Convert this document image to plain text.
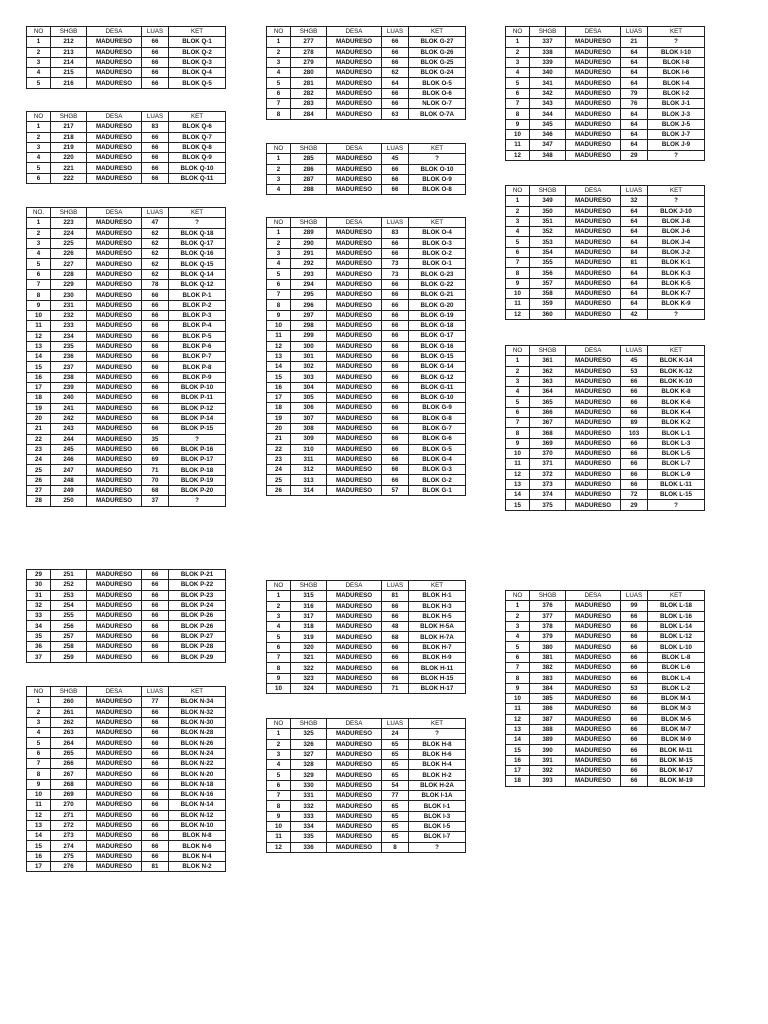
NO	SHGB	DESA	LUAS	KET
1	212	MADURESO	66	BLOK Q-1
2	213	MADURESO	66	BLOK Q-2
3	214	MADURESO	66	BLOK Q-3
4	215	MADURESO	66	BLOK Q-4
5	216	MADURESO	66	BLOK Q-5
NO	SHGB	DESA	LUAS	KET
1	217	MADURESO	83	BLOK Q-6
2	218	MADURESO	66	BLOK Q-7
3	219	MADURESO	66	BLOK Q-8
4	220	MADURESO	66	BLOK Q-9
5	221	MADURESO	66	BLOK Q-10
6	222	MADURESO	66	BLOK Q-11
NO.	SHGB	DESA	LUAS	KET
1	223	MADURESO	47	?
2	224	MADURESO	62	BLOK Q-18
3	225	MADURESO	62	BLOK Q-17
4	226	MADURESO	62	BLOK Q-16
5	227	MADURESO	62	BLOK Q-15
6	228	MADURESO	62	BLOK Q-14
7	229	MADURESO	78	BLOK Q-12
8	230	MADURESO	66	BLOK P-1
9	231	MADURESO	66	BLOK P-2
10	232	MADURESO	66	BLOK P-3
11	233	MADURESO	66	BLOK P-4
12	234	MADURESO	66	BLOK P-5
13	235	MADURESO	66	BLOK P-6
14	236	MADURESO	66	BLOK P-7
15	237	MADURESO	66	BLOK P-8
16	238	MADURESO	66	BLOK P-9
17	239	MADURESO	66	BLOK P-10
18	240	MADURESO	66	BLOK P-11
19	241	MADURESO	66	BLOK P-12
20	242	MADURESO	66	BLOK P-14
21	243	MADURESO	66	BLOK P-15
22	244	MADURESO	35	?
23	245	MADURESO	66	BLOK P-16
24	246	MADURESO	69	BLOK P-17
25	247	MADURESO	71	BLOK P-18
26	248	MADURESO	70	BLOK P-19
27	249	MADURESO	68	BLOK P-20
28	250	MADURESO	37	?
29	251	MADURESO	66	BLOK P-21
30	252	MADURESO	66	BLOK P-22
31	253	MADURESO	66	BLOK P-23
32	254	MADURESO	66	BLOK P-24
33	255	MADURESO	66	BLOK P-26
34	256	MADURESO	66	BLOK P-26
35	257	MADURESO	66	BLOK P-27
36	258	MADURESO	66	BLOK P-28
37	259	MADURESO	66	BLOK P-29
NO	SHGB	DESA	LUAS	KET
1	260	MADURESO	77	BLOK N-34
2	261	MADURESO	66	BLOK N-32
3	262	MADURESO	66	BLOK N-30
4	263	MADURESO	66	BLOK N-28
5	264	MADURESO	66	BLOK N-26
6	265	MADURESO	66	BLOK N-24
7	266	MADURESO	66	BLOK N-22
8	267	MADURESO	66	BLOK N-20
9	268	MADURESO	66	BLOK N-18
10	269	MADURESO	66	BLOK N-16
11	270	MADURESO	66	BLOK N-14
12	271	MADURESO	66	BLOK N-12
13	272	MADURESO	66	BLOK N-10
14	273	MADURESO	66	BLOK N-8
15	274	MADURESO	66	BLOK N-6
16	275	MADURESO	66	BLOK N-4
17	276	MADURESO	81	BLOK N-2
NO	SHGB	DESA	LUAS	KET
1	277	MADURESO	66	BLOK G-27
2	278	MADURESO	66	BLOK G-26
3	279	MADURESO	66	BLOK G-25
4	280	MADURESO	62	BLOK G-24
5	281	MADURESO	64	BLOK O-5
6	282	MADURESO	66	BLOK O-6
7	283	MADURESO	66	NLOK O-7
8	284	MADURESO	63	BLOK O-7A
NO	SHGB	DESA	LUAS	KET
1	285	MADURESO	45	?
2	286	MADURESO	66	BLOK O-10
3	287	MADURESO	66	BLOK O-9
4	288	MADURESO	66	BLOK O-8
NO	SHGB	DESA	LUAS	KET
1	289	MADURESO	83	BLOK O-4
2	290	MADURESO	66	BLOK O-3
3	291	MADURESO	66	BLOK O-2
4	292	MADURESO	73	BLOK O-1
5	293	MADURESO	73	BLOK G-23
6	294	MADURESO	66	BLOK G-22
7	295	MADURESO	66	BLOK G-21
8	296	MADURESO	66	BLOK G-20
9	297	MADURESO	66	BLOK G-19
10	298	MADURESO	66	BLOK G-18
11	299	MADURESO	66	BLOK G-17
12	300	MADURESO	66	BLOK G-16
13	301	MADURESO	66	BLOK G-15
14	302	MADURESO	66	BLOK G-14
15	303	MADURESO	66	BLOK G-12
16	304	MADURESO	66	BLOK G-11
17	305	MADURESO	66	BLOK G-10
18	306	MADURESO	66	BLOK G-9
19	307	MADURESO	66	BLOK G-8
20	308	MADURESO	66	BLOK G-7
21	309	MADURESO	66	BLOK G-6
22	310	MADURESO	66	BLOK G-5
23	311	MADURESO	66	BLOK G-4
24	312	MADURESO	66	BLOK G-3
25	313	MADURESO	66	BLOK G-2
26	314	MADURESO	57	BLOK G-1
NO	SHGB	DESA	LUAS	KET
1	315	MADURESO	81	BLOK H-1
2	316	MADURESO	66	BLOK H-3
3	317	MADURESO	66	BLOK H-5
4	318	MADURESO	48	BLOK H-5A
5	319	MADURESO	68	BLOK H-7A
6	320	MADURESO	66	BLOK H-7
7	321	MADURESO	66	BLOK H-9
8	322	MADURESO	66	BLOK H-11
9	323	MADURESO	66	BLOK H-15
10	324	MADURESO	71	BLOK H-17
NO	SHGB	DESA	LUAS	KET
1	325	MADURESO	24	?
2	326	MADURESO	65	BLOK H-8
3	327	MADURESO	65	BLOK H-6
4	328	MADURESO	65	BLOK H-4
5	329	MADURESO	65	BLOK H-2
6	330	MADURESO	54	BLOK H-2A
7	331	MADURESO	77	BLOK I-1A
8	332	MADURESO	65	BLOK I-1
9	333	MADURESO	65	BLOK I-3
10	334	MADURESO	65	BLOK I-5
11	335	MADURESO	65	BLOK I-7
12	336	MADURESO	8	?
NO	SHGB	DESA	LUAS	KET
1	337	MADURESO	21	?
2	338	MADURESO	64	BLOK I-10
3	339	MADURESO	64	BLOK I-8
4	340	MADURESO	64	BLOK I-6
5	341	MADURESO	64	BLOK I-4
6	342	MADURESO	79	BLOK I-2
7	343	MADURESO	76	BLOK J-1
8	344	MADURESO	64	BLOK J-3
9	345	MADURESO	64	BLOK J-5
10	346	MADURESO	64	BLOK J-7
11	347	MADURESO	64	BLOK J-9
12	348	MADURESO	29	?
NO	SHGB	DESA	LUAS	KET
1	349	MADURESO	32	?
2	350	MADURESO	64	BLOK J-10
3	351	MADURESO	64	BLOK J-8
4	352	MADURESO	64	BLOK J-6
5	353	MADURESO	64	BLOK J-4
6	354	MADURESO	84	BLOK J-2
7	355	MADURESO	81	BLOK K-1
8	356	MADURESO	64	BLOK K-3
9	357	MADURESO	64	BLOK K-5
10	358	MADURESO	64	BLOK K-7
11	359	MADURESO	64	BLOK K-9
12	360	MADURESO	42	?
NO	SHGB	DESA	LUAS	KET
1	361	MADURESO	45	BLOK K-14
2	362	MADURESO	53	BLOK K-12
3	363	MADURESO	66	BLOK K-10
4	364	MADURESO	66	BLOK K-8
5	365	MADURESO	66	BLOK K-6
6	366	MADURESO	66	BLOK K-4
7	367	MADURESO	89	BLOK K-2
8	368	MADURESO	103	BLOK L-1
9	369	MADURESO	66	BLOK L-3
10	370	MADURESO	66	BLOK L-5
11	371	MADURESO	66	BLOK L-7
12	372	MADURESO	66	BLOK L-9
13	373	MADURESO	66	BLOK L-11
14	374	MADURESO	72	BLOK L-15
15	375	MADURESO	29	?
NO	SHGB	DESA	LUAS	KET
1	376	MADURESO	99	BLOK L-18
2	377	MADURESO	66	BLOK L-16
3	378	MADURESO	66	BLOK L-14
4	379	MADURESO	66	BLOK L-12
5	380	MADURESO	66	BLOK L-10
6	381	MADURESO	66	BLOK L-8
7	382	MADURESO	66	BLOK L-6
8	383	MADURESO	66	BLOK L-4
9	384	MADURESO	53	BLOK L-2
10	385	MADURESO	66	BLOK M-1
11	386	MADURESO	66	BLOK M-3
12	387	MADURESO	66	BLOK M-5
13	388	MADURESO	66	BLOK M-7
14	389	MADURESO	66	BLOK M-9
15	390	MADURESO	66	BLOK M-11
16	391	MADURESO	66	BLOK M-15
17	392	MADURESO	66	BLOK M-17
18	393	MADURESO	66	BLOK M-19
